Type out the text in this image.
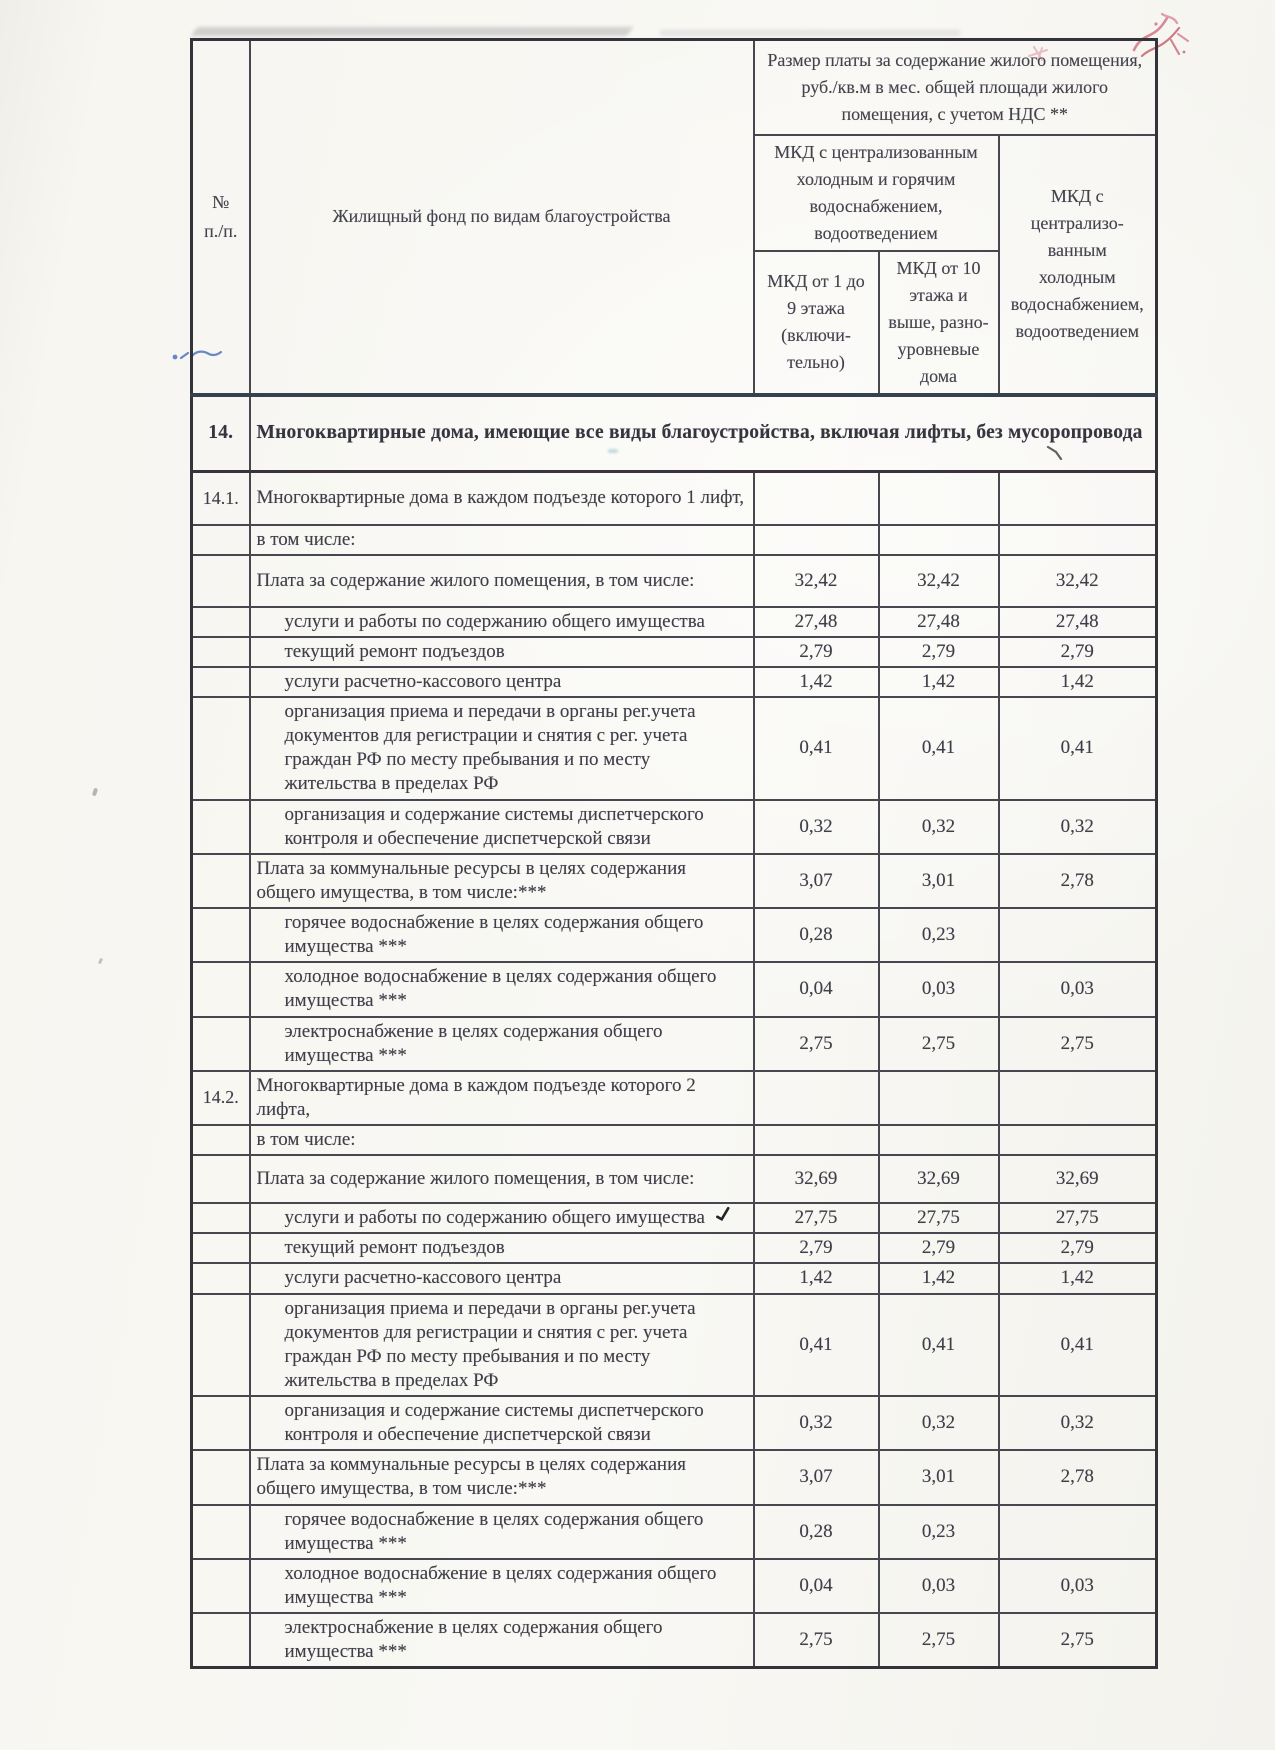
№
п./п.	Жилищный фонд по видам благоустройства	Размер платы за содержание жилого помещения, руб./кв.м в мес. общей площади жилого помещения, с учетом НДС **		
		МКД с централизованным холодным и горячим водоснабжением, водоотведением		МКД с централизо-ванным холодным водоснабжением, водоотведением
		МКД от 1 до 9 этажа (включи-тельно)	МКД от 10 этажа и выше, разно-уровневые дома	
14.	Многоквартирные дома, имеющие все виды благоустройства, включая лифты, без мусоропровода			
14.1.	Многоквартирные дома в каждом подъезде которого 1 лифт,			
	в том числе:			
	Плата за содержание жилого помещения, в том числе:	32,42	32,42	32,42
	услуги и работы по содержанию общего имущества	27,48	27,48	27,48
	текущий ремонт подъездов	2,79	2,79	2,79
	услуги расчетно-кассового центра	1,42	1,42	1,42
	организация приема и передачи в органы рег.учета документов для регистрации и снятия с рег. учета граждан РФ по месту пребывания и по месту жительства в пределах РФ	0,41	0,41	0,41
	организация и содержание системы диспетчерского контроля и обеспечение диспетчерской связи	0,32	0,32	0,32
	Плата за коммунальные ресурсы в целях содержания общего имущества, в том числе:***	3,07	3,01	2,78
	горячее водоснабжение в целях содержания общего имущества ***	0,28	0,23	
	холодное водоснабжение в целях содержания общего имущества ***	0,04	0,03	0,03
	электроснабжение в целях содержания общего имущества ***	2,75	2,75	2,75
14.2.	Многоквартирные дома в каждом подъезде которого 2 лифта,			
	в том числе:			
	Плата за содержание жилого помещения, в том числе:	32,69	32,69	32,69
	услуги и работы по содержанию общего имущества	27,75	27,75	27,75
	текущий ремонт подъездов	2,79	2,79	2,79
	услуги расчетно-кассового центра	1,42	1,42	1,42
	организация приема и передачи в органы рег.учета документов для регистрации и снятия с рег. учета граждан РФ по месту пребывания и по месту жительства в пределах РФ	0,41	0,41	0,41
	организация и содержание системы диспетчерского контроля и обеспечение диспетчерской связи	0,32	0,32	0,32
	Плата за коммунальные ресурсы в целях содержания общего имущества, в том числе:***	3,07	3,01	2,78
	горячее водоснабжение в целях содержания общего имущества ***	0,28	0,23	
	холодное водоснабжение в целях содержания общего имущества ***	0,04	0,03	0,03
	электроснабжение в целях содержания общего имущества ***	2,75	2,75	2,75
